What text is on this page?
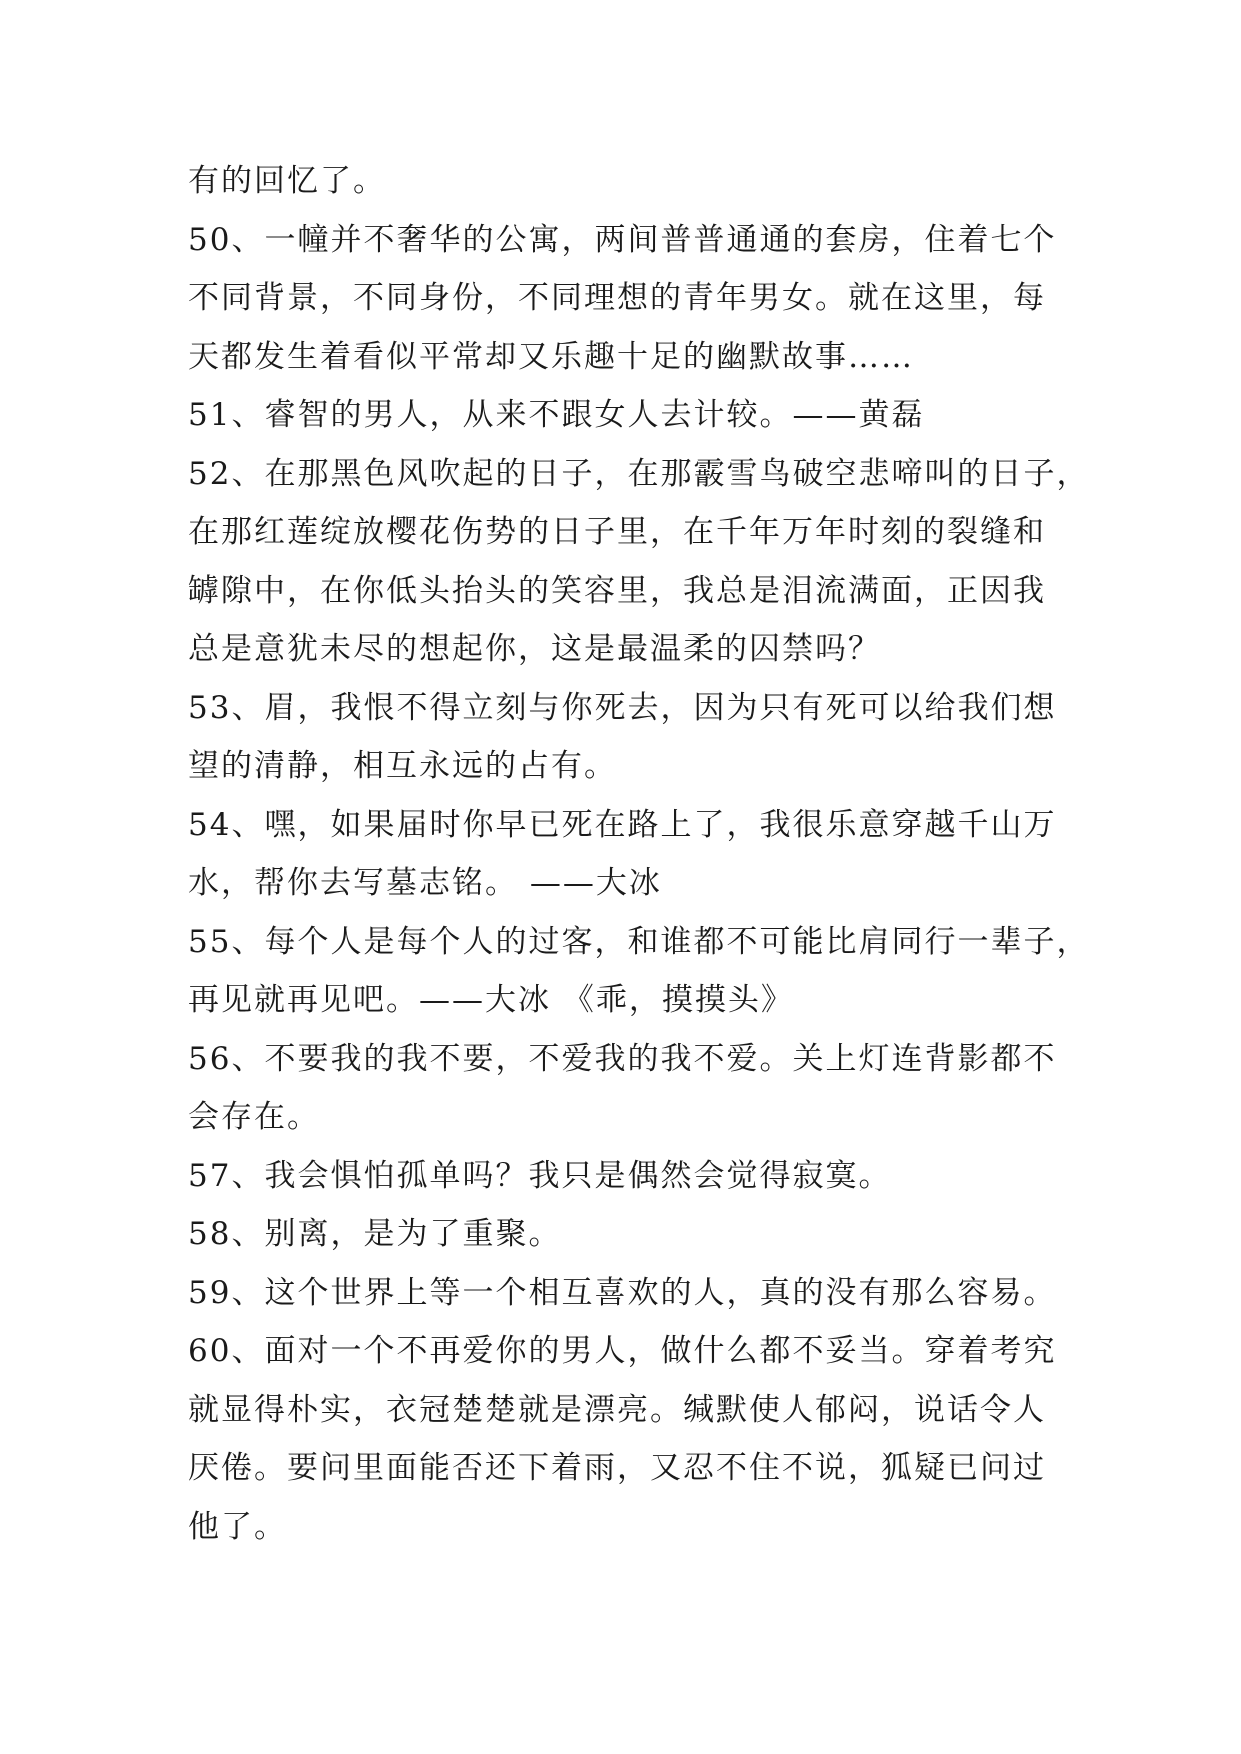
有的回忆了。
50、一幢并不奢华的公寓，两间普普通通的套房，住着七个
不同背景，不同身份，不同理想的青年男女。就在这里，每
天都发生着看似平常却又乐趣十足的幽默故事……
51、睿智的男人，从来不跟女人去计较。——黄磊
52、在那黑色风吹起的日子，在那霰雪鸟破空悲啼叫的日子，
在那红莲绽放樱花伤势的日子里，在千年万年时刻的裂缝和
罅隙中，在你低头抬头的笑容里，我总是泪流满面，正因我
总是意犹未尽的想起你，这是最温柔的囚禁吗？
53、眉，我恨不得立刻与你死去，因为只有死可以给我们想
望的清静，相互永远的占有。
54、嘿，如果届时你早已死在路上了，我很乐意穿越千山万
水，帮你去写墓志铭。 ——大冰
55、每个人是每个人的过客，和谁都不可能比肩同行一辈子，
再见就再见吧。——大冰 《乖，摸摸头》
56、不要我的我不要，不爱我的我不爱。关上灯连背影都不
会存在。
57、我会惧怕孤单吗？我只是偶然会觉得寂寞。
58、别离，是为了重聚。
59、这个世界上等一个相互喜欢的人，真的没有那么容易。
60、面对一个不再爱你的男人，做什么都不妥当。穿着考究
就显得朴实，衣冠楚楚就是漂亮。缄默使人郁闷，说话令人
厌倦。要问里面能否还下着雨，又忍不住不说，狐疑已问过
他了。
